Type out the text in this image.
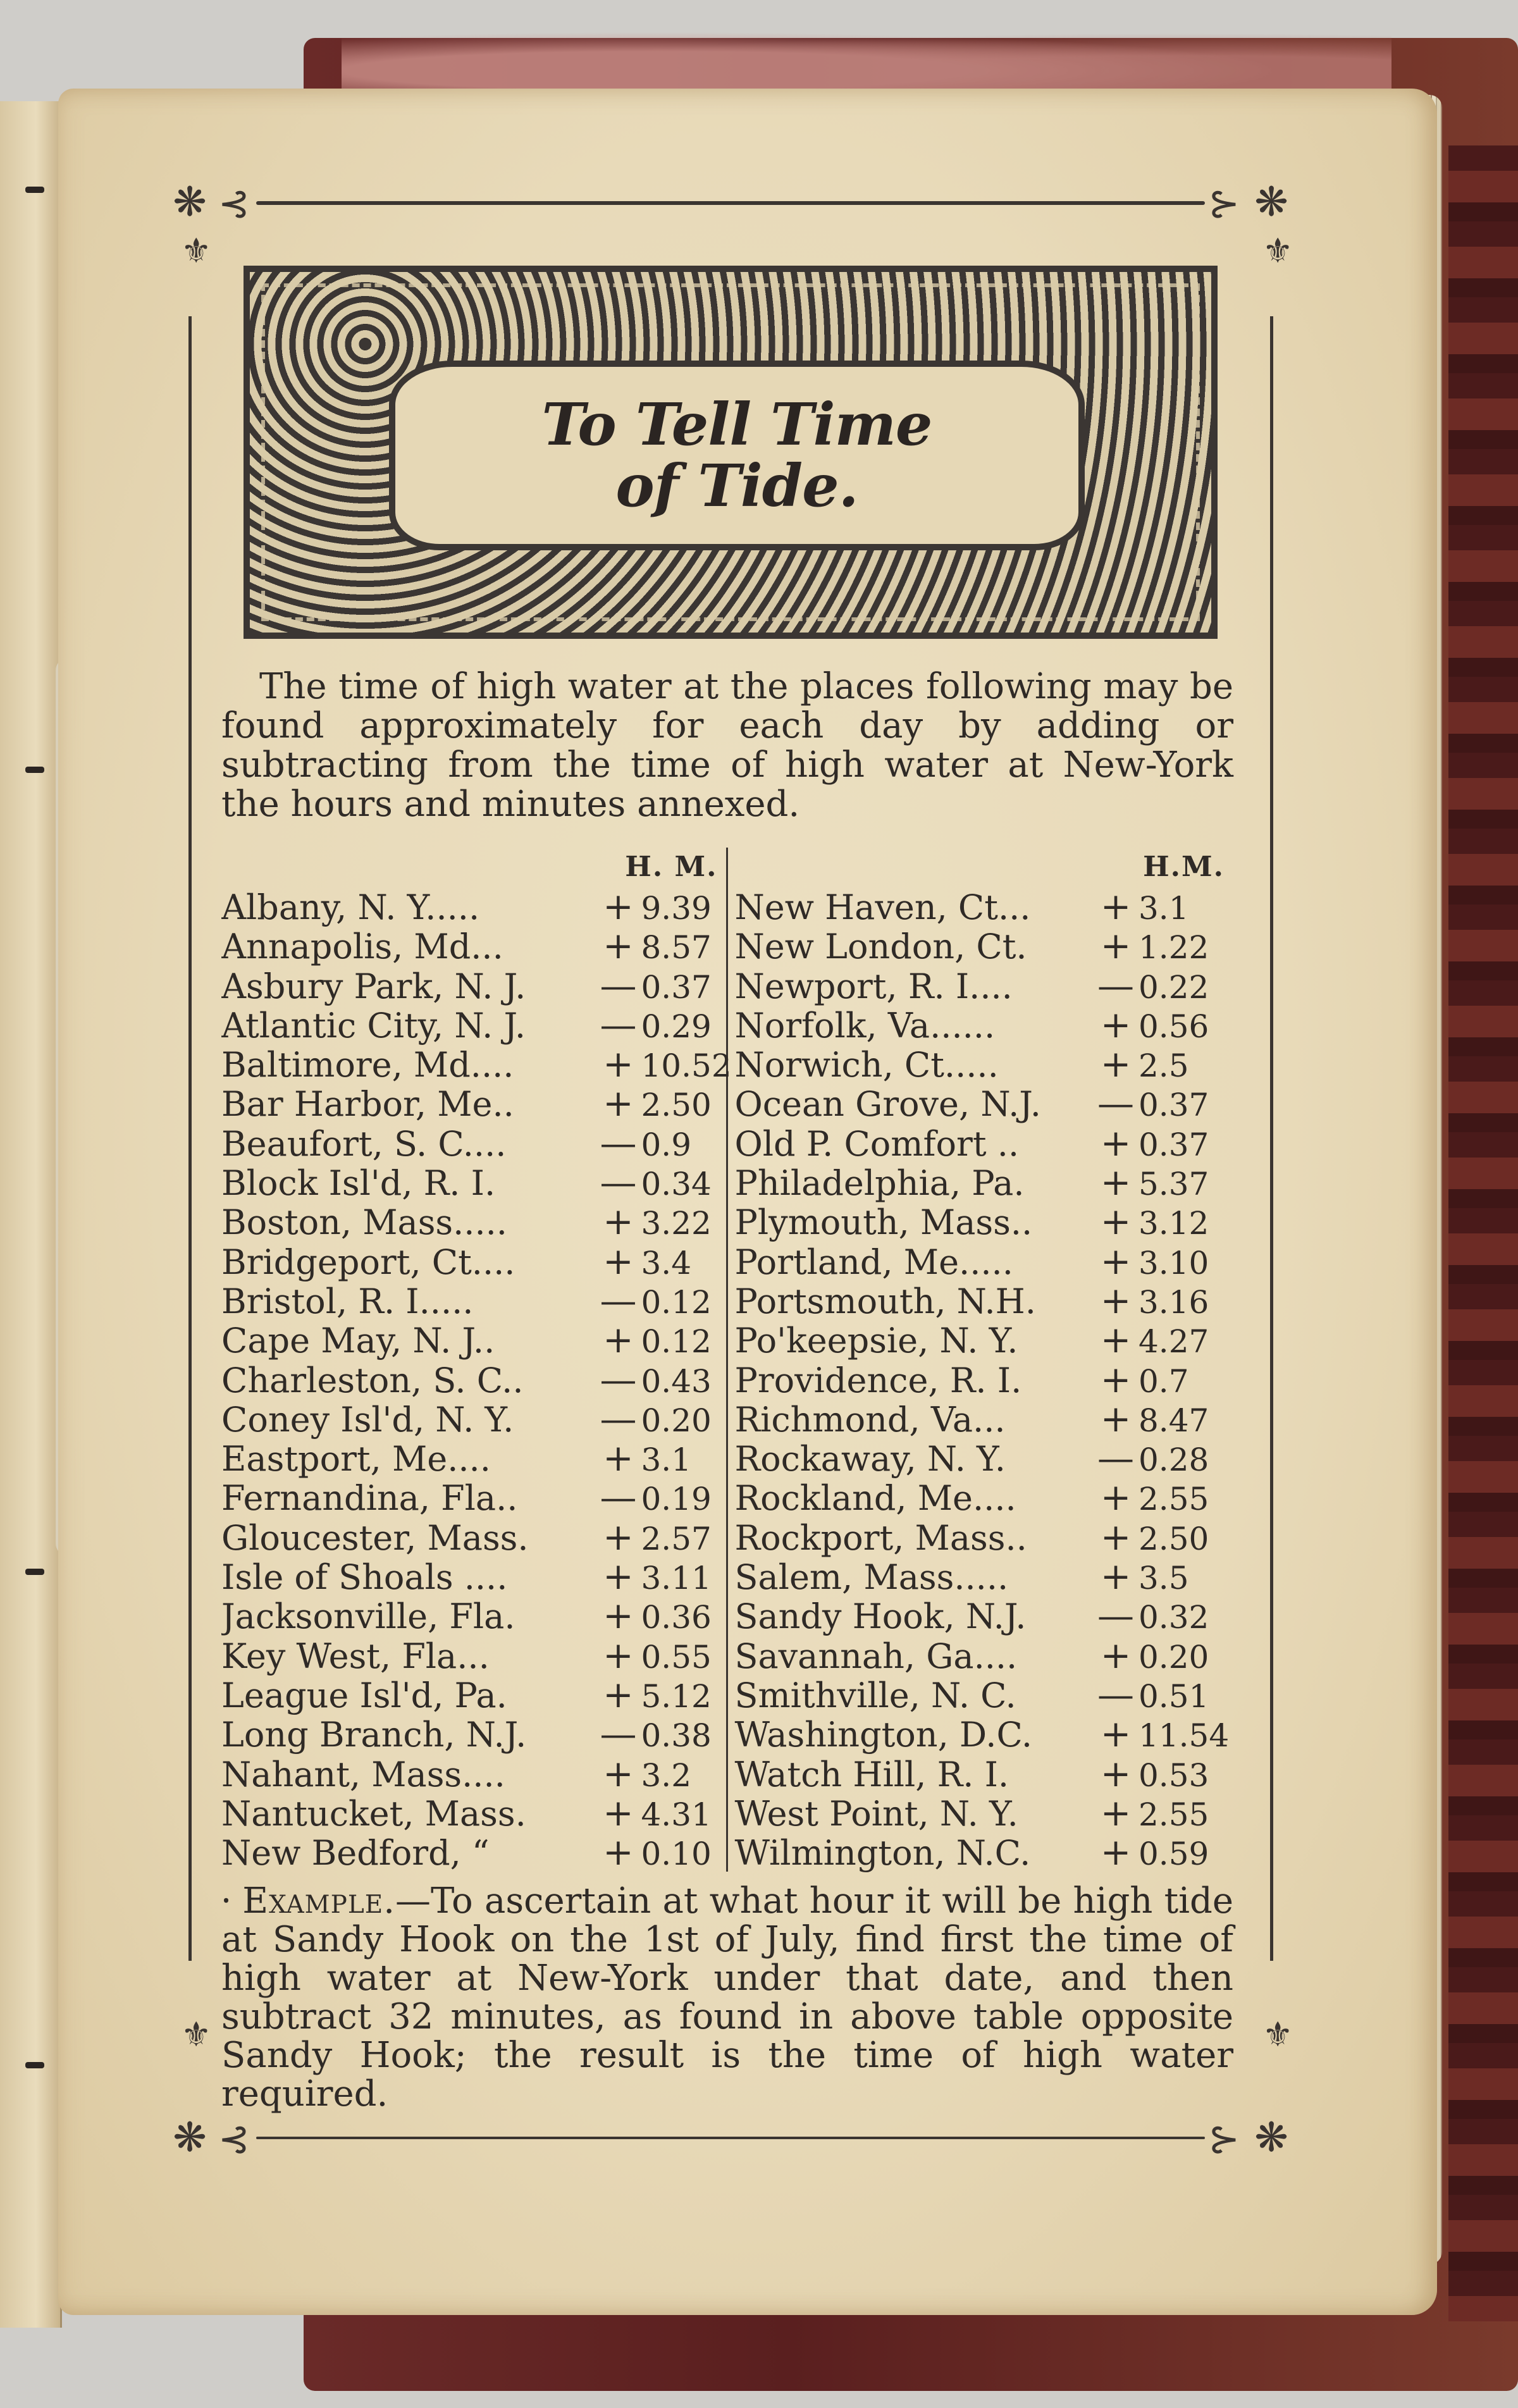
❋	❋
❋	❋
⊰	⊱
⊰	⊱
⚜	⚜
⚜	⚜
To Tell Time
of Tide.
The time of high water at the places following may be found approximately for each day by adding or subtracting from the time of high water at New-York the hours and minutes annexed.
H. M.
Albany, N. Y.....	+ 9.39
Annapolis, Md...	+ 8.57
Asbury Park, N. J.	— 0.37
Atlantic City, N. J.	— 0.29
Baltimore, Md....	+ 10.52
Bar Harbor, Me..	+ 2.50
Beaufort, S. C....	— 0.9
Block Isl'd, R. I.	— 0.34
Boston, Mass.....	+ 3.22
Bridgeport, Ct....	+ 3.4
Bristol, R. I.....	— 0.12
Cape May, N. J..	+ 0.12
Charleston, S. C..	— 0.43
Coney Isl'd, N. Y.	— 0.20
Eastport, Me....	+ 3.1
Fernandina, Fla..	— 0.19
Gloucester, Mass.	+ 2.57
Isle of Shoals ....	+ 3.11
Jacksonville, Fla.	+ 0.36
Key West, Fla...	+ 0.55
League Isl'd, Pa.	+ 5.12
Long Branch, N.J.	— 0.38
Nahant, Mass....	+ 3.2
Nantucket, Mass.	+ 4.31
New Bedford, “	+ 0.10
H.M.
New Haven, Ct...	+ 3.1
New London, Ct.	+ 1.22
Newport, R. I....	— 0.22
Norfolk, Va......	+ 0.56
Norwich, Ct.....	+ 2.5
Ocean Grove, N.J.	— 0.37
Old P. Comfort ..	+ 0.37
Philadelphia, Pa.	+ 5.37
Plymouth, Mass..	+ 3.12
Portland, Me.....	+ 3.10
Portsmouth, N.H.	+ 3.16
Po'keepsie, N. Y.	+ 4.27
Providence, R. I.	+ 0.7
Richmond, Va...	+ 8.47
Rockaway, N. Y.	— 0.28
Rockland, Me....	+ 2.55
Rockport, Mass..	+ 2.50
Salem, Mass.....	+ 3.5
Sandy Hook, N.J.	— 0.32
Savannah, Ga....	+ 0.20
Smithville, N. C.	— 0.51
Washington, D.C.	+ 11.54
Watch Hill, R. I.	+ 0.53
West Point, N. Y.	+ 2.55
Wilmington, N.C.	+ 0.59
⸱ Example.—To ascertain at what hour it will be high tide at Sandy Hook on the 1st of July, find first the time of high water at New-York under that date, and then subtract 32 minutes, as found in above table opposite Sandy Hook; the result is the time of high water required.
